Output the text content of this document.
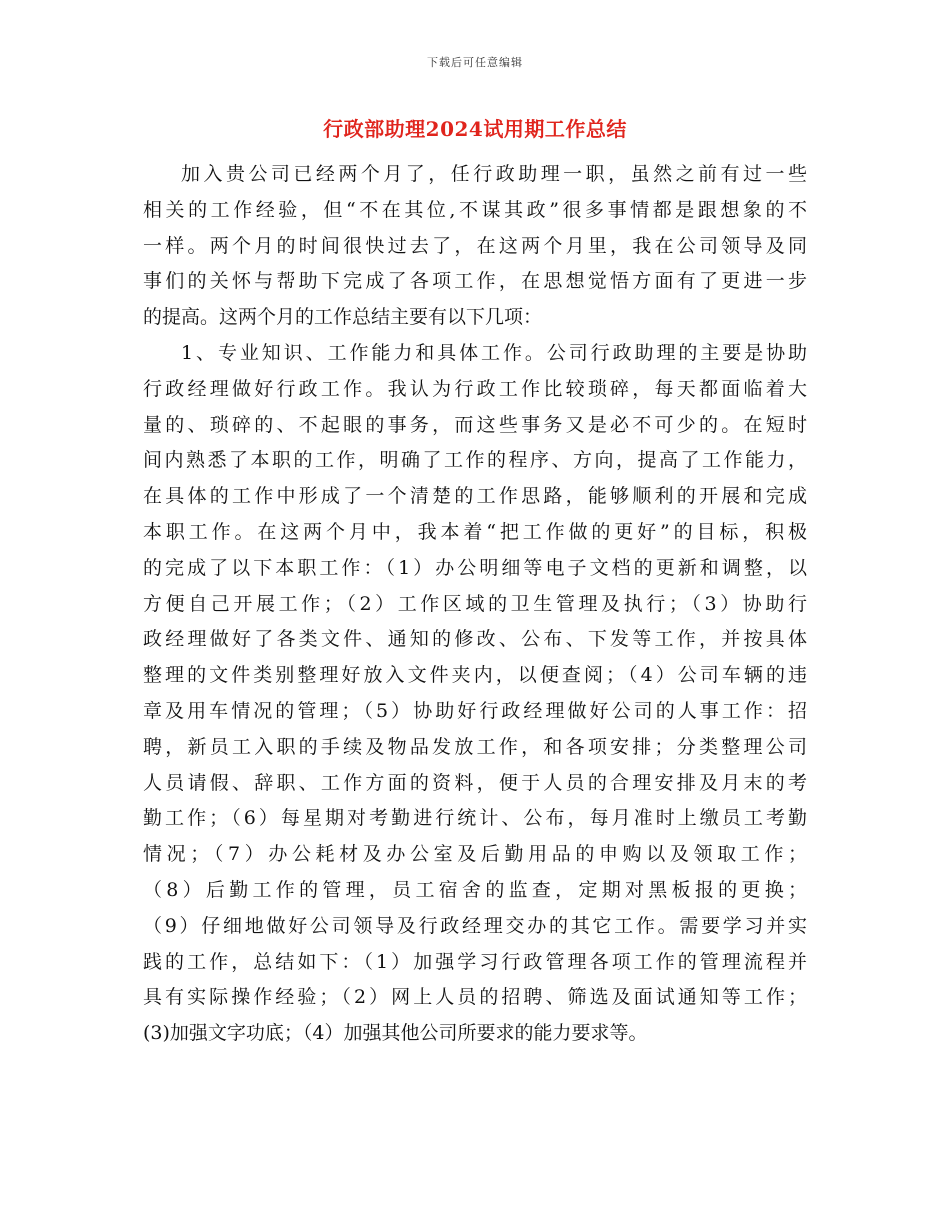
下载后可任意编辑
行政部助理2024试用期工作总结
加入贵公司已经两个月了，任行政助理一职，虽然之前有过一些
相关的工作经验，但“不在其位,不谋其政”很多事情都是跟想象的不
一样。两个月的时间很快过去了，在这两个月里，我在公司领导及同
事们的关怀与帮助下完成了各项工作，在思想觉悟方面有了更进一步
的提高。这两个月的工作总结主要有以下几项：
1、专业知识、工作能力和具体工作。公司行政助理的主要是协助
行政经理做好行政工作。我认为行政工作比较琐碎，每天都面临着大
量的、琐碎的、不起眼的事务，而这些事务又是必不可少的。在短时
间内熟悉了本职的工作，明确了工作的程序、方向，提高了工作能力，
在具体的工作中形成了一个清楚的工作思路，能够顺利的开展和完成
本职工作。在这两个月中，我本着“把工作做的更好”的目标，积极
的完成了以下本职工作：（1）办公明细等电子文档的更新和调整，以
方便自己开展工作；（2）工作区域的卫生管理及执行；（3）协助行
政经理做好了各类文件、通知的修改、公布、下发等工作，并按具体
整理的文件类别整理好放入文件夹内，以便查阅；（4）公司车辆的违
章及用车情况的管理；（5）协助好行政经理做好公司的人事工作：招
聘，新员工入职的手续及物品发放工作，和各项安排；分类整理公司
人员请假、辞职、工作方面的资料，便于人员的合理安排及月末的考
勤工作；（6）每星期对考勤进行统计、公布，每月准时上缴员工考勤
情况；（7）办公耗材及办公室及后勤用品的申购以及领取工作；
（8）后勤工作的管理，员工宿舍的监查，定期对黑板报的更换；
（9）仔细地做好公司领导及行政经理交办的其它工作。需要学习并实
践的工作，总结如下：（1）加强学习行政管理各项工作的管理流程并
具有实际操作经验；（2）网上人员的招聘、筛选及面试通知等工作；
(3)加强文字功底；（4）加强其他公司所要求的能力要求等。
